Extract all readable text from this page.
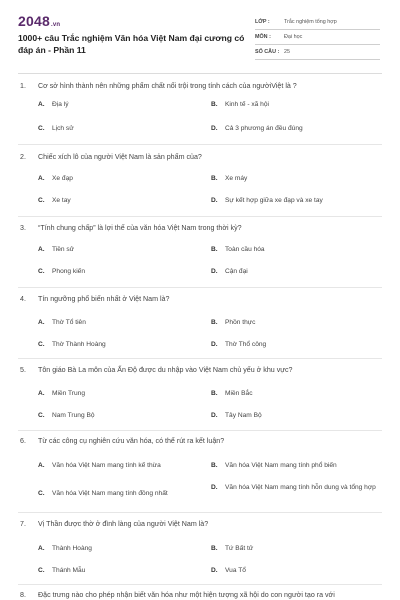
2048.vn
1000+ câu Trắc nghiệm Văn hóa Việt Nam đại cương có đáp án - Phần 11
LỚP :	Trắc nghiệm tổng hợp
MÔN :	Đại học
SỐ CÂU : 25
1. Cơ sở hình thành nên những phẩm chất nổi trội trong tính cách của ngườiViệt là ?
A.	Địa lý	B.	Kinh tế - xã hội
C.	Lịch sử	D.	Cả 3 phương án đều đúng
2. Chiếc xích lô của người Việt Nam là sản phẩm của?
A.	Xe đạp	B.	Xe máy
C.	Xe tay	D.	Sự kết hợp giữa xe đạp và xe tay
3. “Tính chung chấp” là lợi thế của văn hóa Việt Nam trong thời kỳ?
A.	Tiền sử	B.	Toàn cầu hóa
C.	Phong kiến	D.	Cận đại
4. Tín ngưỡng phổ biến nhất ở Việt Nam là?
A.	Thờ Tổ tiên	B.	Phồn thực
C.	Thờ Thành Hoàng	D.	Thờ Thổ công
5. Tôn giáo Bà La môn của Ấn Độ được du nhập vào Việt Nam chủ yếu ở khu vực?
A.	Miền Trung	B.	Miền Bắc
C.	Nam Trung Bộ	D.	Tây Nam Bộ
6. Từ các công cụ nghiên cứu văn hóa, có thể rút ra kết luận?
A.	Văn hóa Việt Nam mang tính kế thừa	B.	Văn hóa Việt Nam mang tính phổ biến
C.	Văn hóa Việt Nam mang tính đồng nhất
D.	Văn hóa Việt Nam mang tính hỗn dung và tổng hợp
7. Vị Thần được thờ ở đình làng của người Việt Nam là?
A.	Thành Hoàng	B.	Tứ Bất tử
C.	Thánh Mẫu	D.	Vua Tổ
8. Đặc trưng nào cho phép nhận biết văn hóa như một hiện tượng xã hội do con người tạo ra với
